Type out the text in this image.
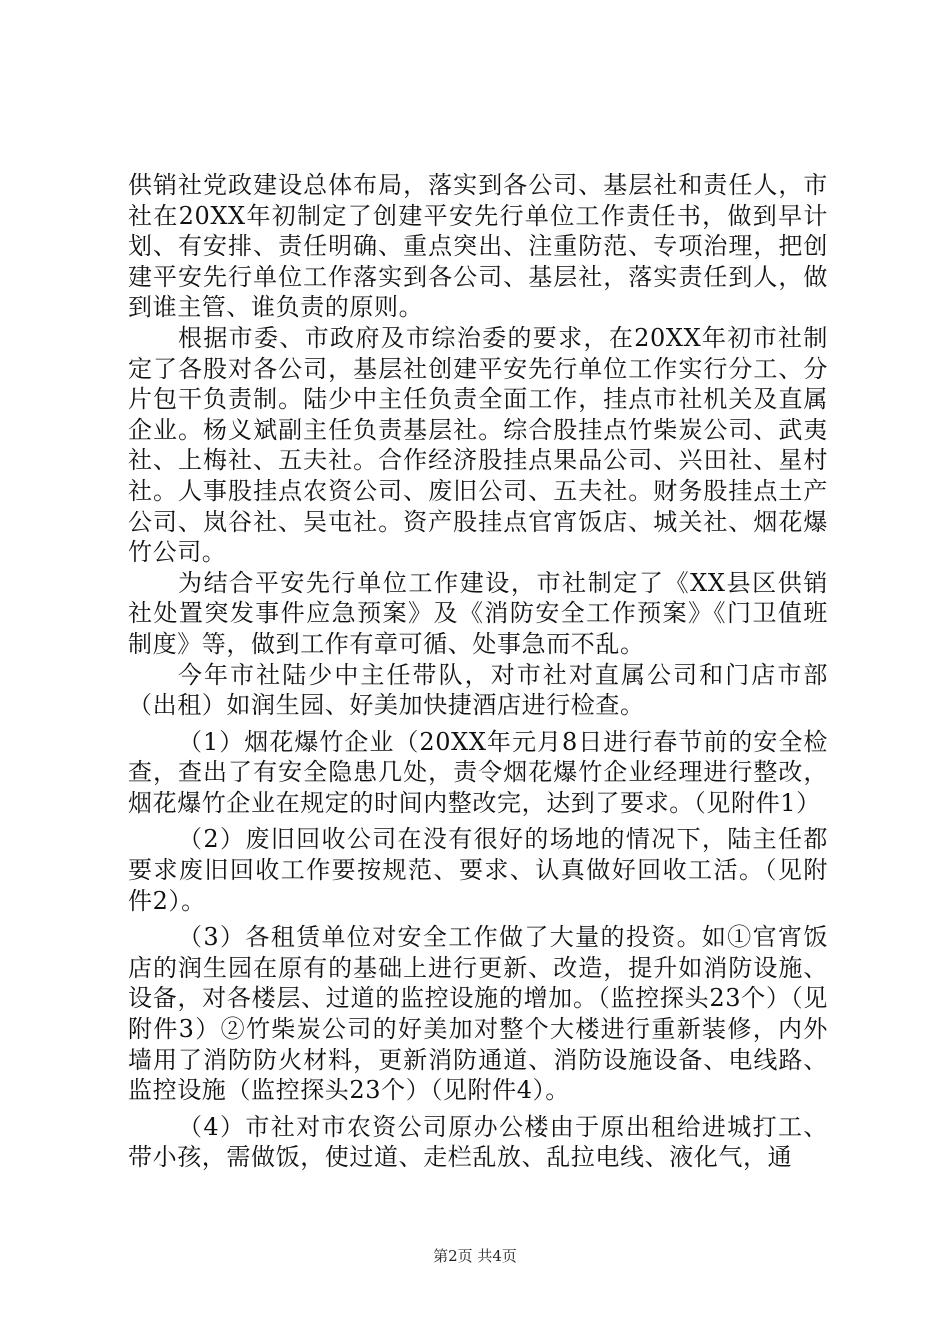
供销社党政建设总体布局，落实到各公司、基层社和责任人，市社在20XX年初制定了创建平安先行单位工作责任书，做到早计划、有安排、责任明确、重点突出、注重防范、专项治理，把创建平安先行单位工作落实到各公司、基层社，落实责任到人，做到谁主管、谁负责的原则。

根据市委、市政府及市综治委的要求，在20XX年初市社制定了各股对各公司，基层社创建平安先行单位工作实行分工、分片包干负责制。陆少中主任负责全面工作，挂点市社机关及直属企业。杨义斌副主任负责基层社。综合股挂点竹柴炭公司、武夷社、上梅社、五夫社。合作经济股挂点果品公司、兴田社、星村社。人事股挂点农资公司、废旧公司、五夫社。财务股挂点土产公司、岚谷社、吴屯社。资产股挂点官宵饭店、城关社、烟花爆竹公司。

为结合平安先行单位工作建设，市社制定了《XX县区供销社处置突发事件应急预案》及《消防安全工作预案》《门卫值班制度》等，做到工作有章可循、处事急而不乱。

今年市社陆少中主任带队，对市社对直属公司和门店市部（出租）如润生园、好美加快捷酒店进行检查。

（1）烟花爆竹企业（20XX年元月8日进行春节前的安全检查，查出了有安全隐患几处，责令烟花爆竹企业经理进行整改，烟花爆竹企业在规定的时间内整改完，达到了要求。（见附件1）

（2）废旧回收公司在没有很好的场地的情况下，陆主任都要求废旧回收工作要按规范、要求、认真做好回收工活。（见附件2）。

（3）各租赁单位对安全工作做了大量的投资。如①官宵饭店的润生园在原有的基础上进行更新、改造，提升如消防设施、设备，对各楼层、过道的监控设施的增加。（监控探头23个）（见附件3）②竹柴炭公司的好美加对整个大楼进行重新装修，内外墙用了消防防火材料，更新消防通道、消防设施设备、电线路、监控设施（监控探头23个）（见附件4）。

（4）市社对市农资公司原办公楼由于原出租给进城打工、带小孩，需做饭，使过道、走栏乱放、乱拉电线、液化气，通

第2页 共4页
